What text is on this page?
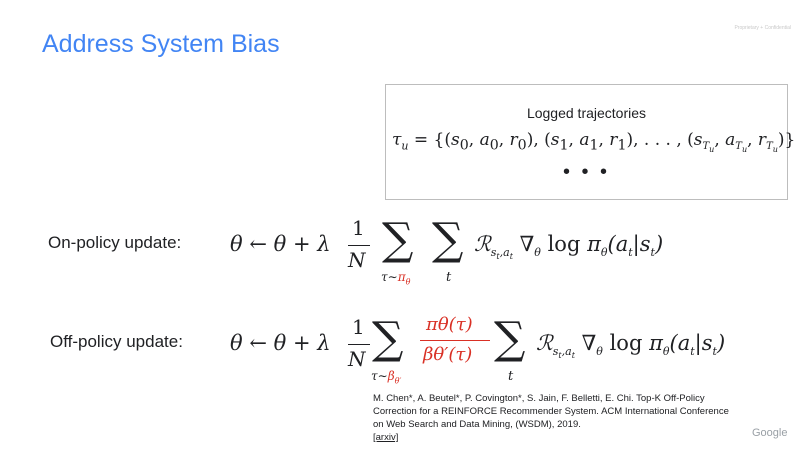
Address System Bias
Proprietary + Confidential
Logged trajectories
$\tau_u = \{(s_0$, $a_0$, $r_0$), ($s_1$, $a_1$, $r_1$), . . . , ($s_{T_u}$, $a_{T_u}$, $r_{T_u}$)}
• • •
On-policy update: θ ← θ + λ
1
N ∑
$\tau\sim\pi_\theta$
∑
t
ℛ$_{s_t,a_t}$ $\nabla_\theta$ $\log \pi_\theta(a_t|s_t)$
Off-policy update: θ ← θ + λ
1
N ∑
$\tau\sim\beta_{\theta'}$
πθ(τ)
βθ′(τ) ∑
t
ℛ$_{s_t,a_t}$ $\nabla_\theta$ $\log \pi_\theta(a_t|s_t)$
M. Chen*, A. Beutel*, P. Covington*, S. Jain, F. Belletti, E. Chi. Top-K Off-Policy Correction for a REINFORCE Recommender System. ACM International Conference on Web Search and Data Mining, (WSDM), 2019.
[arxiv]	Google
